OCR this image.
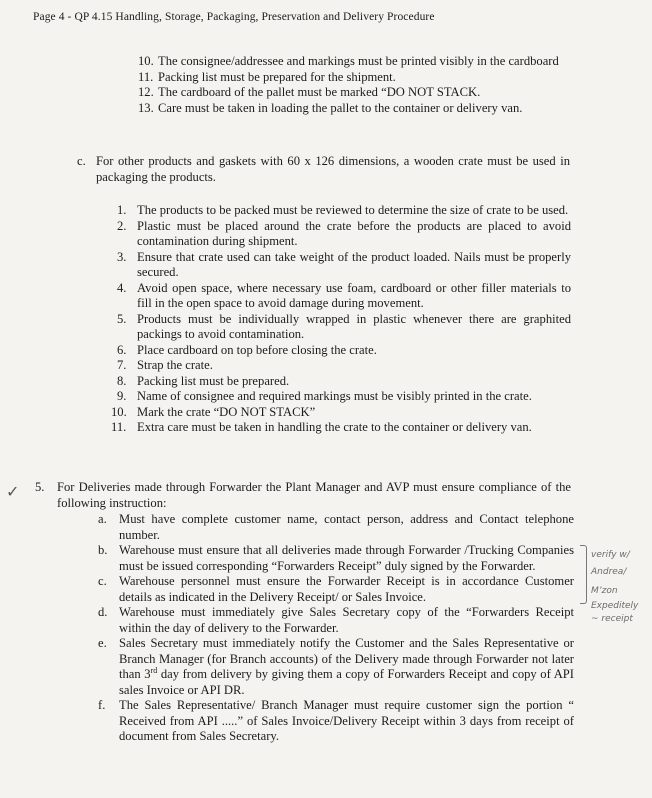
Page 4 - QP 4.15 Handling, Storage, Packaging, Preservation and Delivery Procedure
10. The consignee/addressee and markings must be printed visibly in the cardboard
11. Packing list must be prepared for the shipment.
12. The cardboard of the pallet must be marked “DO NOT STACK.
13. Care must be taken in loading the pallet to the container or delivery van.
c. For other products and gaskets with 60 x 126 dimensions, a wooden crate must be used in packaging the products.
1. The products to be packed must be reviewed to determine the size of crate to be used.
2. Plastic must be placed around the crate before the products are placed to avoid contamination during shipment.
3. Ensure that crate used can take weight of the product loaded. Nails must be properly secured.
4. Avoid open space, where necessary use foam, cardboard or other filler materials to fill in the open space to avoid damage during movement.
5. Products must be individually wrapped in plastic whenever there are graphited packings to avoid contamination.
6. Place cardboard on top before closing the crate.
7. Strap the crate.
8. Packing list must be prepared.
9. Name of consignee and required markings must be visibly printed in the crate.
10. Mark the crate “DO NOT STACK”
11. Extra care must be taken in handling the crate to the container or delivery van.
✓ 5. For Deliveries made through Forwarder the Plant Manager and AVP must ensure compliance of the following instruction:
a. Must have complete customer name, contact person, address and Contact telephone number.
b. Warehouse must ensure that all deliveries made through Forwarder /Trucking Companies must be issued corresponding “Forwarders Receipt” duly signed by the Forwarder.
c. Warehouse personnel must ensure the Forwarder Receipt is in accordance Customer details as indicated in the Delivery Receipt/ or Sales Invoice.
d. Warehouse must immediately give Sales Secretary copy of the “Forwarders Receipt within the day of delivery to the Forwarder.
e. Sales Secretary must immediately notify the Customer and the Sales Representative or Branch Manager (for Branch accounts) of the Delivery made through Forwarder not later than 3rd day from delivery by giving them a copy of Forwarders Receipt and copy of API sales Invoice or API DR.
f.	The Sales Representative/ Branch Manager must require customer sign the portion “ Received from API .....” of Sales Invoice/Delivery Receipt within 3 days from receipt of document from Sales Secretary.
verify w/
Andrea/
M’zon
Expeditely
~ receipt
